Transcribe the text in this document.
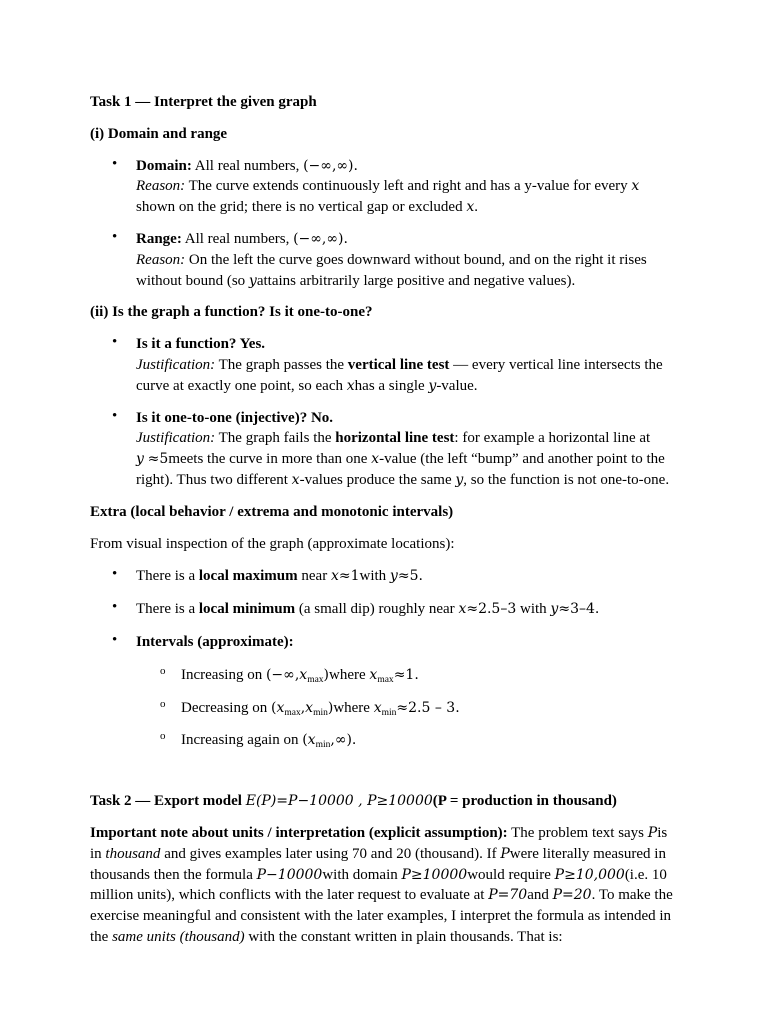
Task 1 — Interpret the given graph
(i) Domain and range
• Domain: All real numbers, (−∞,∞).
Reason: The curve extends continuously left and right and has a y-value for every x
shown on the grid; there is no vertical gap or excluded x.
• Range: All real numbers, (−∞,∞).
Reason: On the left the curve goes downward without bound, and on the right it rises
without bound (so yattains arbitrarily large positive and negative values).
(ii) Is the graph a function? Is it one-to-one?
• Is it a function? Yes.
Justification: The graph passes the vertical line test — every vertical line intersects the
curve at exactly one point, so each xhas a single y-value.
• Is it one-to-one (injective)? No.
Justification: The graph fails the horizontal line test: for example a horizontal line at
y ≈5meets the curve in more than one x-value (the left “bump” and another point to the
right). Thus two different x-values produce the same y, so the function is not one-to-one.
Extra (local behavior / extrema and monotonic intervals)
From visual inspection of the graph (approximate locations):
• There is a local maximum near x≈1with y≈5.
• There is a local minimum (a small dip) roughly near x≈2.5–3 with y≈3–4.
• Intervals (approximate):
o Increasing on $(-\infty,x_{max})where$ $x_{max}\approx 1$.
o Decreasing on $(x_{max},x_{min})where$ $x_{min}\approx 2.5 - 3$.
o Increasing again on $(x_{min},\infty)$.
Task 2 — Export model E(P)=P−10000 , P≥10000(P = production in thousand)
Important note about units / interpretation (explicit assumption): The problem text says Pis
in thousand and gives examples later using 70 and 20 (thousand). If Pwere literally measured in
thousands then the formula P−10000with domain P≥10000would require P≥10,000(i.e. 10
million units), which conflicts with the later request to evaluate at P=70and P=20. To make the
exercise meaningful and consistent with the later examples, I interpret the formula as intended in
the same units (thousand) with the constant written in plain thousands. That is:
